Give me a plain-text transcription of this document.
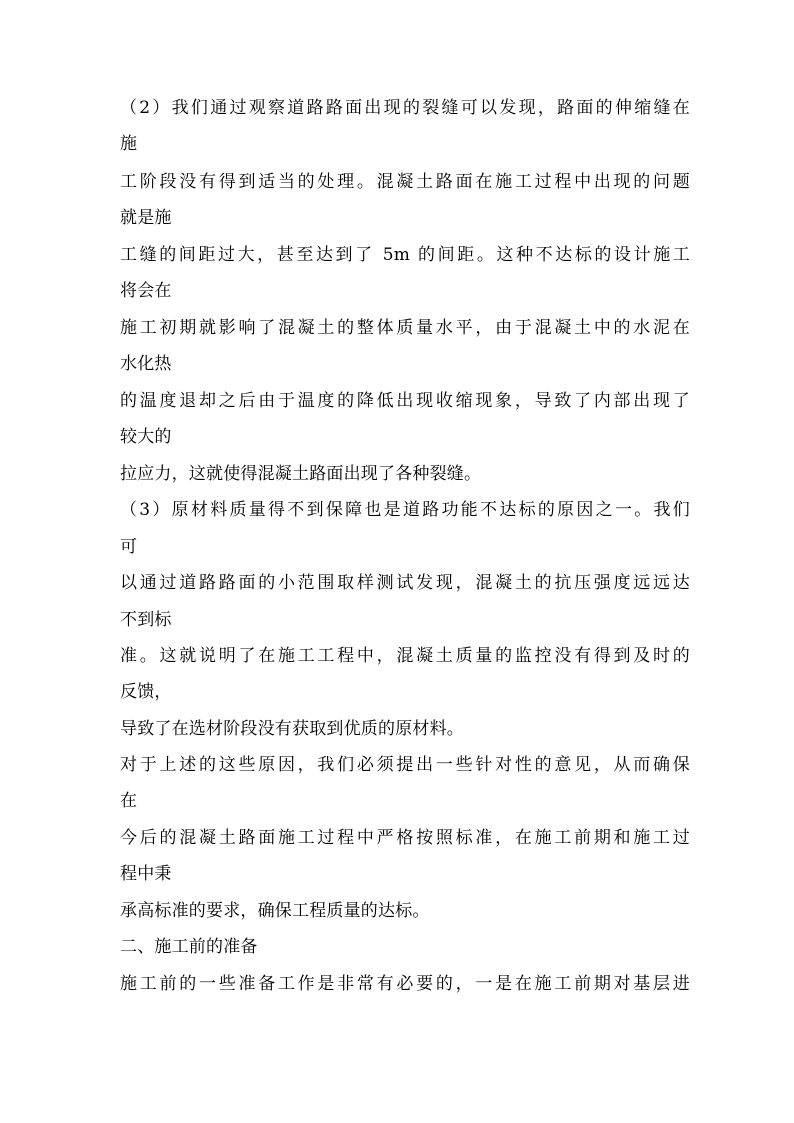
（2）我们通过观察道路路面出现的裂缝可以发现，路面的伸缩缝在
施
工阶段没有得到适当的处理。混凝土路面在施工过程中出现的问题
就是施
工缝的间距过大，甚至达到了 5m 的间距。这种不达标的设计施工
将会在
施工初期就影响了混凝土的整体质量水平，由于混凝土中的水泥在
水化热
的温度退却之后由于温度的降低出现收缩现象，导致了内部出现了
较大的
拉应力，这就使得混凝土路面出现了各种裂缝。
（3）原材料质量得不到保障也是道路功能不达标的原因之一。我们
可
以通过道路路面的小范围取样测试发现，混凝土的抗压强度远远达
不到标
准。这就说明了在施工工程中，混凝土质量的监控没有得到及时的
反馈，
导致了在选材阶段没有获取到优质的原材料。
对于上述的这些原因，我们必须提出一些针对性的意见，从而确保
在
今后的混凝土路面施工过程中严格按照标准，在施工前期和施工过
程中秉
承高标准的要求，确保工程质量的达标。
二、施工前的准备
施工前的一些准备工作是非常有必要的，一是在施工前期对基层进
